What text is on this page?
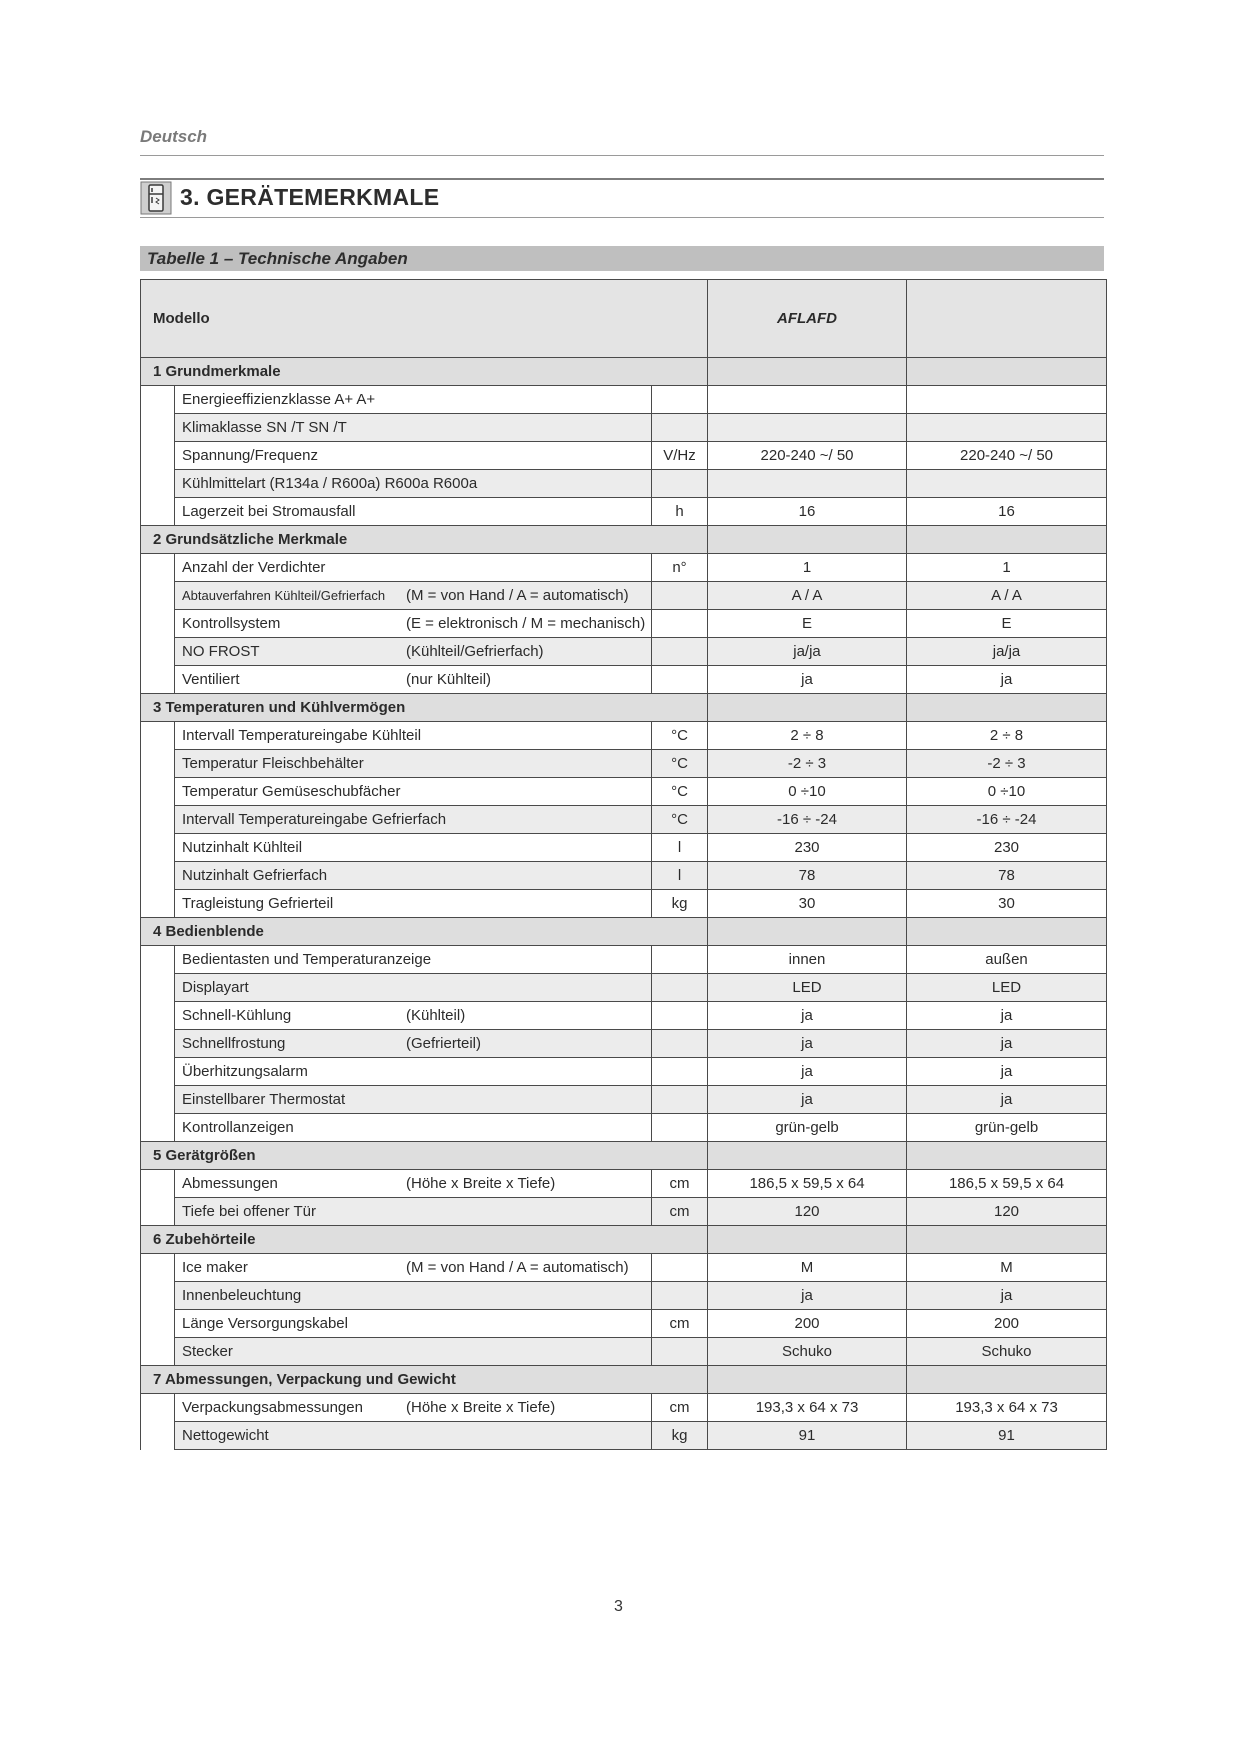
Deutsch
3. GERÄTEMERKMALE
Tabelle 1 – Technische Angaben
Modello			AFLAFD	
1 Grundmerkmale				
	Energieeffizienzklasse A+ A+			
	Klimaklasse SN /T SN /T			
	Spannung/Frequenz	V/Hz	220-240 ~/ 50	220-240 ~/ 50
	Kühlmittelart (R134a / R600a) R600a R600a			
	Lagerzeit bei Stromausfall	h	16	16
2 Grundsätzliche Merkmale				
	Anzahl der Verdichter	n°	1	1
	Abtauverfahren Kühlteil/Gefrierfach (M = von Hand / A = automatisch)		A / A	A / A
	Kontrollsystem (E = elektronisch / M = mechanisch)		E	E
	NO FROST (Kühlteil/Gefrierfach)		ja/ja	ja/ja
	Ventiliert (nur Kühlteil)		ja	ja
3 Temperaturen und Kühlvermögen				
	Intervall Temperatureingabe Kühlteil	°C	2 ÷ 8	2 ÷ 8
	Temperatur Fleischbehälter	°C	-2 ÷ 3	-2 ÷ 3
	Temperatur Gemüseschubfächer	°C	0 ÷10	0 ÷10
	Intervall Temperatureingabe Gefrierfach	°C	-16 ÷ -24	-16 ÷ -24
	Nutzinhalt Kühlteil	l	230	230
	Nutzinhalt Gefrierfach	l	78	78
	Tragleistung Gefrierteil	kg	30	30
4 Bedienblende				
	Bedientasten und Temperaturanzeige		innen	außen
	Displayart		LED	LED
	Schnell-Kühlung (Kühlteil)		ja	ja
	Schnellfrostung (Gefrierteil)		ja	ja
	Überhitzungsalarm		ja	ja
	Einstellbarer Thermostat		ja	ja
	Kontrollanzeigen		grün-gelb	grün-gelb
5 Gerätgrößen				
	Abmessungen (Höhe x Breite x Tiefe)	cm	186,5 x 59,5 x 64	186,5 x 59,5 x 64
	Tiefe bei offener Tür	cm	120	120
6 Zubehörteile				
	Ice maker (M = von Hand / A = automatisch)		M	M
	Innenbeleuchtung		ja	ja
	Länge Versorgungskabel	cm	200	200
	Stecker		Schuko	Schuko
7 Abmessungen, Verpackung und Gewicht				
	Verpackungsabmessungen (Höhe x Breite x Tiefe)	cm	193,3 x 64 x 73	193,3 x 64 x 73
	Nettogewicht	kg	91	91
3
